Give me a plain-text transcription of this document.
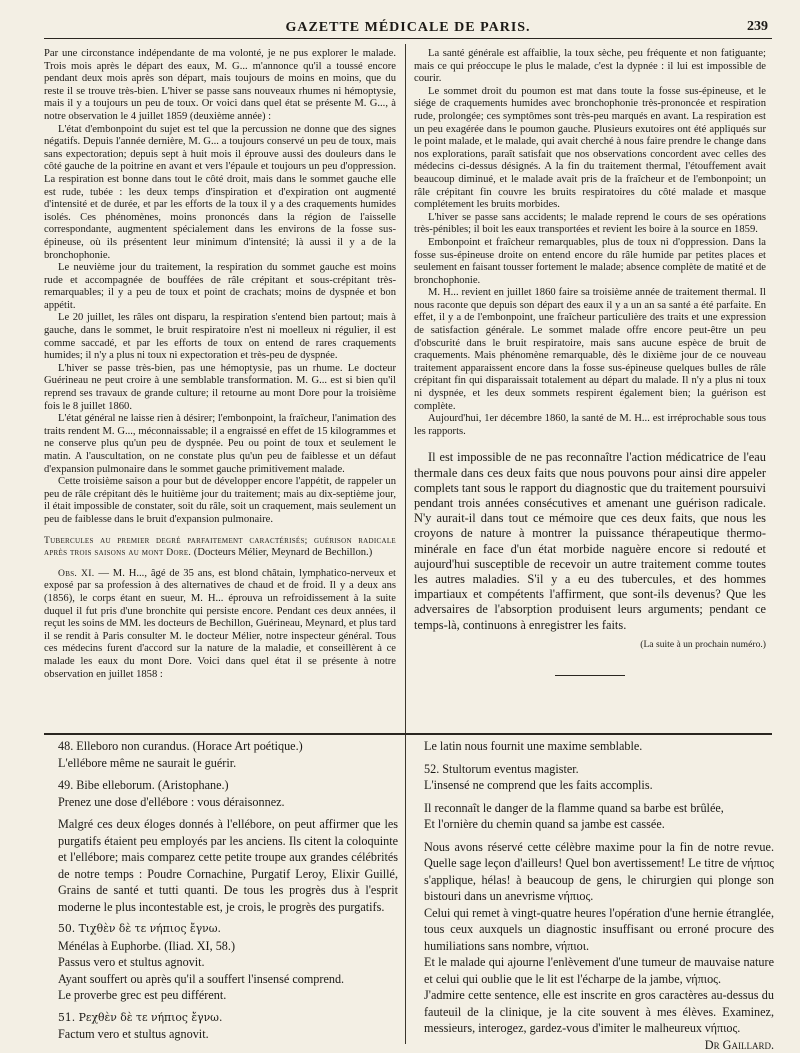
GAZETTE MÉDICALE DE PARIS.	239

Par une circonstance indépendante de ma volonté, je ne pus explorer le malade. Trois mois après le départ des eaux, M. G... m'annonce qu'il a toussé encore pendant deux mois après son départ, mais toujours de moins en moins, que du reste il se trouve très-bien. L'hiver se passe sans nouveaux rhumes ni hémoptysie, mais il y a toujours un peu de toux. Or voici dans quel état se présente M. G..., à notre observation le 4 juillet 1859 (deuxième année) :

L'état d'embonpoint du sujet est tel que la percussion ne donne que des signes négatifs. Depuis l'année dernière, M. G... a toujours conservé un peu de toux, mais sans expectoration; depuis sept à huit mois il éprouve aussi des douleurs dans le côté gauche de la poitrine en avant et vers l'épaule et toujours un peu d'oppression. La respiration est bonne dans tout le côté droit, mais dans le sommet gauche elle est rude, tubée : les deux temps d'inspiration et d'expiration ont augmenté d'intensité et de durée, et par les efforts de la toux il y a des craquements humides isolés. Ces phénomènes, moins prononcés dans la région de l'aisselle correspondante, augmentent spécialement dans les environs de la fosse sus-épineuse, où ils présentent leur minimum d'intensité; là aussi il y a de la bronchophonie.

Le neuvième jour du traitement, la respiration du sommet gauche est moins rude et accompagnée de bouffées de râle crépitant et sous-crépitant très-remarquables; il y a peu de toux et point de crachats; moins de dyspnée et bon appétit.

Le 20 juillet, les râles ont disparu, la respiration s'entend bien partout; mais à gauche, dans le sommet, le bruit respiratoire n'est ni moelleux ni régulier, il est comme saccadé, et par les efforts de toux on entend de rares craquements humides; il n'y a plus ni toux ni expectoration et très-peu de dyspnée.

L'hiver se passe très-bien, pas une hémoptysie, pas un rhume. Le docteur Guérineau ne peut croire à une semblable transformation. M. G... est si bien qu'il reprend ses travaux de grande culture; il retourne au mont Dore pour la troisième fois le 8 juillet 1860.

L'état général ne laisse rien à désirer; l'embonpoint, la fraîcheur, l'animation des traits rendent M. G..., méconnaissable; il a engraissé en effet de 15 kilogrammes et ne conserve plus qu'un peu de dyspnée. Peu ou point de toux et seulement le matin. A l'auscultation, on ne constate plus qu'un peu de faiblesse et un défaut d'expansion pulmonaire dans le sommet gauche primitivement malade.

Cette troisième saison a pour but de développer encore l'appétit, de rappeler un peu de râle crépitant dès le huitième jour du traitement; mais au dix-septième jour, il était impossible de constater, soit du râle, soit un craquement, mais seulement un peu de faiblesse dans le bruit d'expansion pulmonaire.

Tubercules au premier degré parfaitement caractérisés; guérison radicale après trois saisons au mont Dore. (Docteurs Mélier, Meynard de Bechillon.)

Obs. XI. — M. H..., âgé de 35 ans, est blond châtain, lymphatico-nerveux et exposé par sa profession à des alternatives de chaud et de froid. Il y a deux ans (1856), le corps étant en sueur, M. H... éprouva un refroidissement à la suite duquel il fut pris d'une bronchite qui persiste encore. Pendant ces deux années, il reçut les soins de MM. les docteurs de Bechillon, Guérineau, Meynard, et plus tard il se rendit à Paris consulter M. le docteur Mélier, notre inspecteur général. Tous ces médecins furent d'accord sur la nature de la maladie, et conseillèrent à ce malade les eaux du mont Dore. Voici dans quel état il se présente à notre observation en juillet 1858 :

La santé générale est affaiblie, la toux sèche, peu fréquente et non fatiguante; mais ce qui préoccupe le plus le malade, c'est la dypnée : il lui est impossible de courir.

Le sommet droit du poumon est mat dans toute la fosse sus-épineuse, et le siége de craquements humides avec bronchophonie très-prononcée et respiration rude, prolongée; ces symptômes sont très-peu marqués en avant. La respiration est un peu exagérée dans le poumon gauche. Plusieurs exutoires ont été appliqués sur le point malade, et le malade, qui avait cherché à nous faire prendre le change dans nos explorations, paraît satisfait que nos observations concordent avec celles des médecins ci-dessus désignés. A la fin du traitement thermal, l'étouffement avait beaucoup diminué, et le malade avait pris de la fraîcheur et de l'embonpoint; un râle crépitant fin couvre les bruits respiratoires du côté malade et masque complétement les bruits morbides.

L'hiver se passe sans accidents; le malade reprend le cours de ses opérations très-pénibles; il boit les eaux transportées et revient les boire à la source en 1859.

Embonpoint et fraîcheur remarquables, plus de toux ni d'oppression. Dans la fosse sus-épineuse droite on entend encore du râle humide par petites places et seulement en faisant tousser fortement le malade; absence complète de matité et de bronchophonie.

M. H... revient en juillet 1860 faire sa troisième année de traitement thermal. Il nous raconte que depuis son départ des eaux il y a un an sa santé a été parfaite. En effet, il y a de l'embonpoint, une fraîcheur particulière des traits et une expression de satisfaction générale. Le sommet malade offre encore peut-être un peu d'obscurité dans le bruit respiratoire, mais sans aucune espèce de bruit de craquements. Mais phénomène remarquable, dès le dixième jour de ce nouveau traitement apparaissent encore dans la fosse sus-épineuse quelques bulles de râle crépitant fin qui disparaissait totalement au départ du malade. Il n'y a plus ni toux ni dyspnée, et les deux sommets respirent également bien; la guérison est complète.

Aujourd'hui, 1er décembre 1860, la santé de M. H... est irréprochable sous tous les rapports.

Il est impossible de ne pas reconnaître l'action médicatrice de l'eau thermale dans ces deux faits que nous pouvons pour ainsi dire appeler complets tant sous le rapport du diagnostic que du traitement poursuivi pendant trois années consécutives et amenant une guérison radicale. N'y aurait-il dans tout ce mémoire que ces deux faits, que nous les croyons de nature à montrer la puissance thérapeutique thermo-minérale en face d'un état morbide naguère encore si redouté et aujourd'hui susceptible de recevoir un autre traitement comme toutes les autres maladies. S'il y a eu des tubercules, et des hommes impartiaux et compétents l'affirment, que sont-ils devenus? Que les adversaires de l'absorption produisent leurs arguments; pendant ce temps-là, continuons à enregistrer les faits.

(La suite à un prochain numéro.)

48. Elleboro non curandus. (Horace Art poétique.)

L'ellébore même ne saurait le guérir.

49. Bibe elleborum. (Aristophane.)

Prenez une dose d'ellébore : vous déraisonnez.

Malgré ces deux éloges donnés à l'ellébore, on peut affirmer que les purgatifs étaient peu employés par les anciens. Ils citent la coloquinte et l'ellébore; mais comparez cette petite troupe aux grandes célébrités de notre temps : Poudre Cornachine, Purgatif Leroy, Elixir Guillé, Grains de santé et tutti quanti. De tous les progrès dus à l'esprit moderne le plus incontestable est, je crois, le progrès des purgatifs.

50. Τιχθὲν δὲ τε νήπιος ἔγνω.

Ménélas à Euphorbe. (Iliad. XI, 58.)

Passus vero et stultus agnovit.

Ayant souffert ou après qu'il a souffert l'insensé comprend.

Le proverbe grec est peu différent.

51. Ρεχθὲν δὲ τε νήπιος ἔγνω.

Factum vero et stultus agnovit.

Le latin nous fournit une maxime semblable.

52. Stultorum eventus magister.

L'insensé ne comprend que les faits accomplis.

Il reconnaît le danger de la flamme quand sa barbe est brûlée,

Et l'ornière du chemin quand sa jambe est cassée.

Nous avons réservé cette célèbre maxime pour la fin de notre revue. Quelle sage leçon d'ailleurs! Quel bon avertissement! Le titre de νήπιος s'applique, hélas! à beaucoup de gens, le chirurgien qui plonge son bistouri dans un anevrisme νήπιος.

Celui qui remet à vingt-quatre heures l'opération d'une hernie étranglée, tous ceux auxquels un diagnostic insuffisant ou erroné procure des humiliations sans nombre, νήπιοι.

Et le malade qui ajourne l'enlèvement d'une tumeur de mauvaise nature et celui qui oublie que le lit est l'écharpe de la jambe, νήπιος.

J'admire cette sentence, elle est inscrite en gros caractères au-dessus du fauteuil de la clinique, je la cite souvent à mes élèves. Examinez, messieurs, interogez, gardez-vous d'imiter le malheureux νήπιος.

Dr Gaillard.
